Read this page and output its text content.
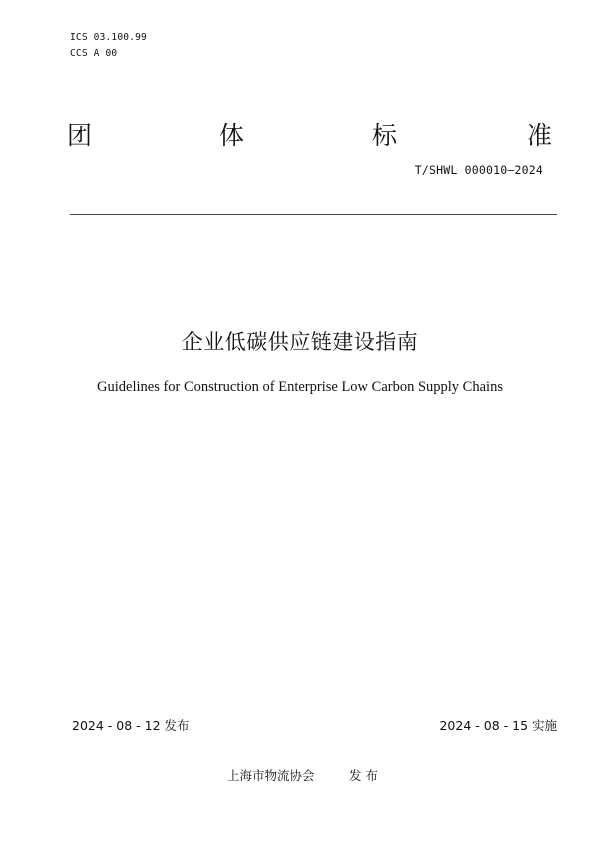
ICS 03.100.99
CCS A 00
团	体	标	准
T/SHWL 000010—2024
企业低碳供应链建设指南
Guidelines for Construction of Enterprise Low Carbon Supply Chains
2024 - 08 - 12 发布	2024 - 08 - 15 实施
上海市物流协会	发 布
